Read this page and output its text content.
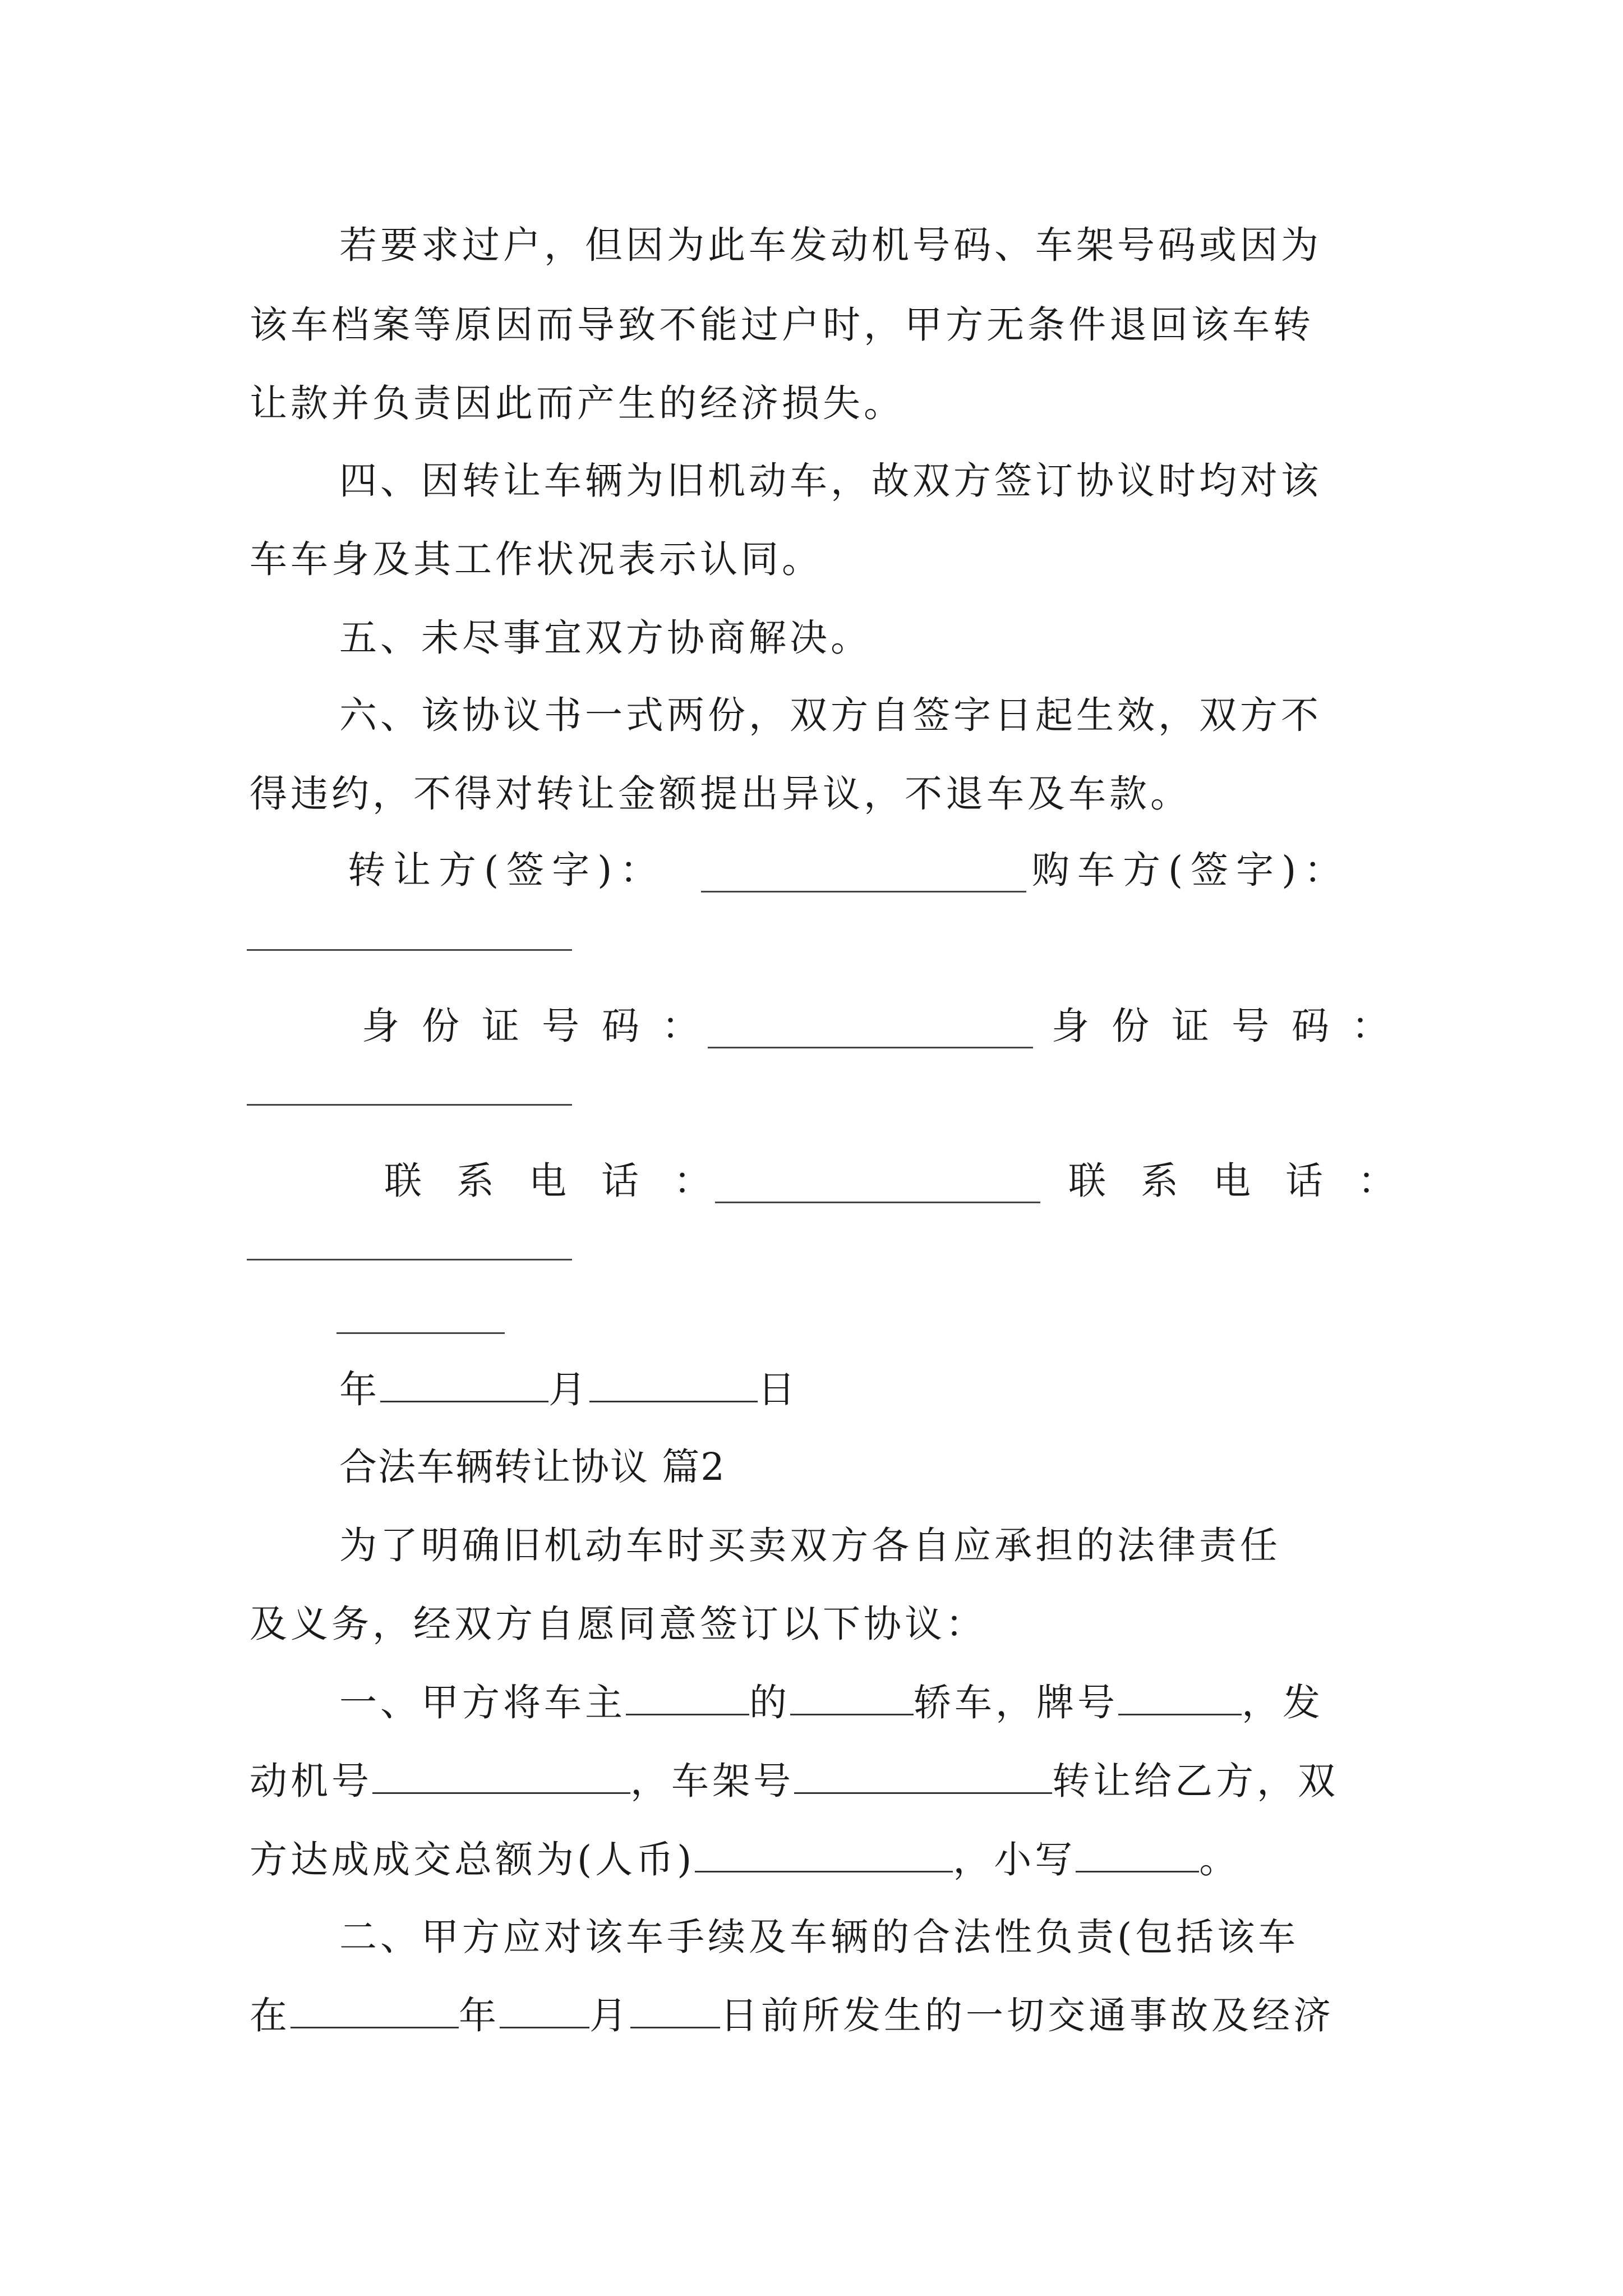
若要求过户，但因为此车发动机号码、车架号码或因为
该车档案等原因而导致不能过户时，甲方无条件退回该车转
让款并负责因此而产生的经济损失。
四、因转让车辆为旧机动车，故双方签订协议时均对该
车车身及其工作状况表示认同。
五、未尽事宜双方协商解决。
六、该协议书一式两份，双方自签字日起生效，双方不
得违约，不得对转让金额提出异议，不退车及车款。
转让方(签字)：	购车方(签字)：
身份证号码：	身份证号码：
联系电话：	联系电话：
年	月	日
合法车辆转让协议 篇2
为了明确旧机动车时买卖双方各自应承担的法律责任
及义务，经双方自愿同意签订以下协议：
一、甲方将车主	的	轿车，牌号	，发
动机号	，车架号	转让给乙方，双
方达成成交总额为(人币)	，小写	。
二、甲方应对该车手续及车辆的合法性负责(包括该车
在	年 月 日前所发生的一切交通事故及经济
